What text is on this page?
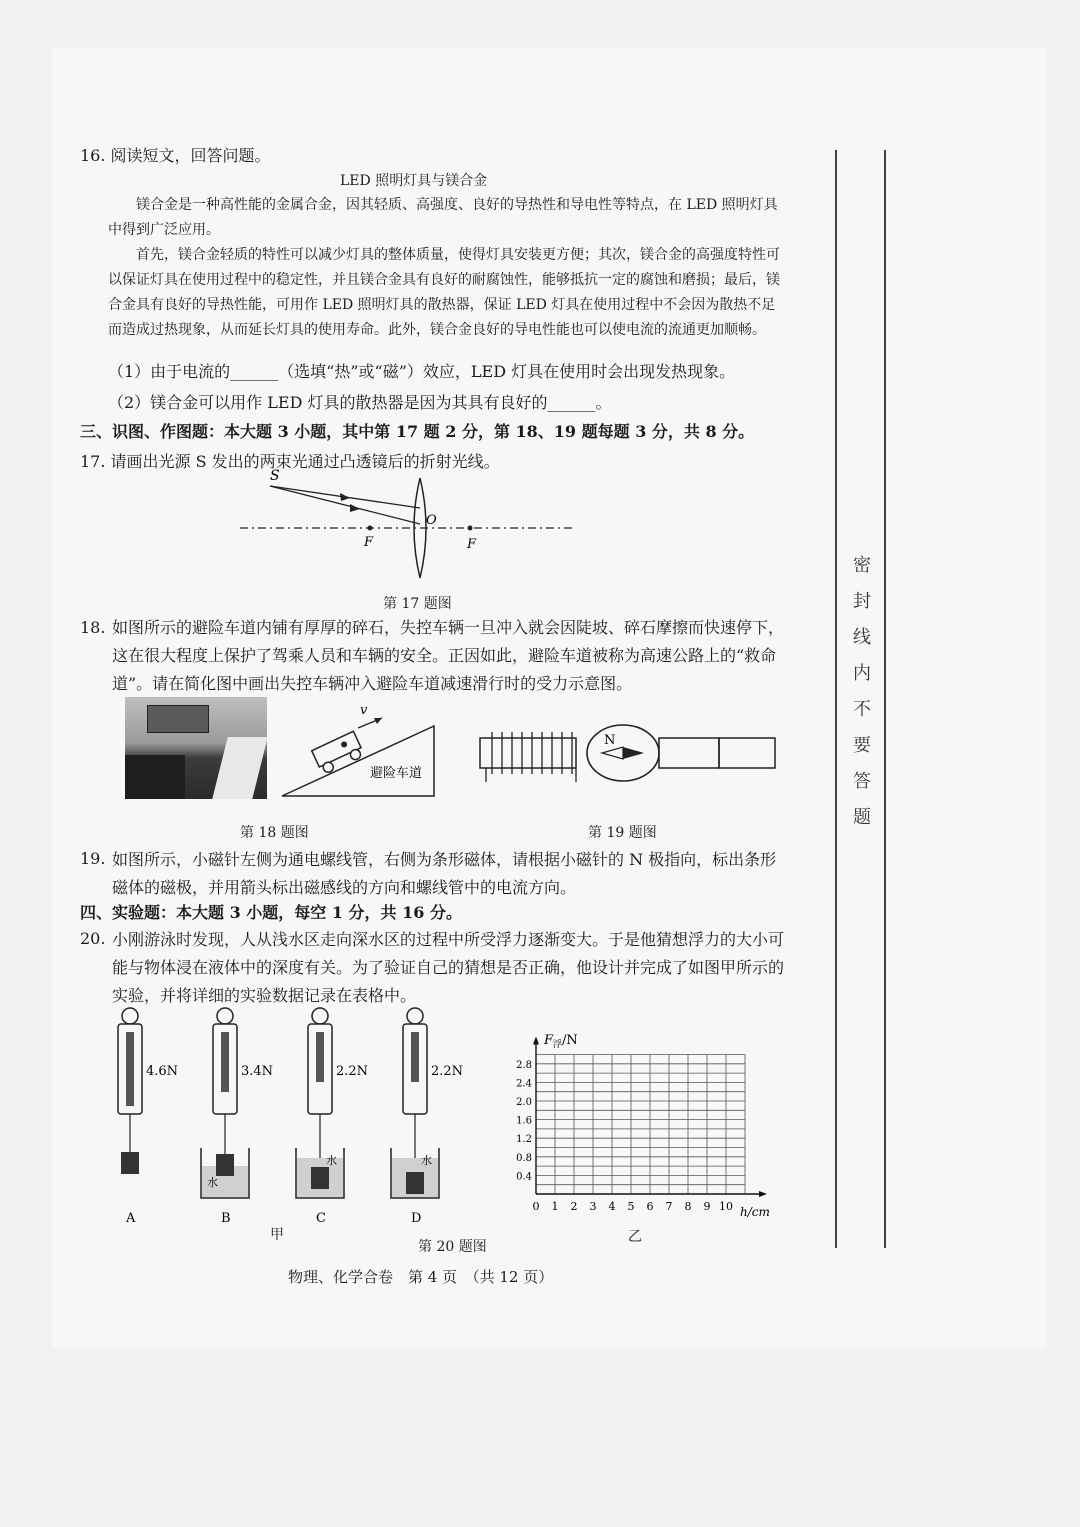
16. 阅读短文，回答问题。
LED 照明灯具与镁合金
镁合金是一种高性能的金属合金，因其轻质、高强度、良好的导热性和导电性等特点，在 LED 照明灯具中得到广泛应用。
首先，镁合金轻质的特性可以减少灯具的整体质量，使得灯具安装更方便；其次，镁合金的高强度特性可以保证灯具在使用过程中的稳定性，并且镁合金具有良好的耐腐蚀性，能够抵抗一定的腐蚀和磨损；最后，镁合金具有良好的导热性能，可用作 LED 照明灯具的散热器，保证 LED 灯具在使用过程中不会因为散热不足而造成过热现象，从而延长灯具的使用寿命。此外，镁合金良好的导电性能也可以使电流的流通更加顺畅。
（1）由于电流的______（选填“热”或“磁”）效应，LED 灯具在使用时会出现发热现象。
（2）镁合金可以用作 LED 灯具的散热器是因为其具有良好的______。
三、识图、作图题：本大题 3 小题，其中第 17 题 2 分，第 18、19 题每题 3 分，共 8 分。
17. 请画出光源 S 发出的两束光通过凸透镜后的折射光线。
S
O
F	F
第 17 题图
18. 如图所示的避险车道内铺有厚厚的碎石，失控车辆一旦冲入就会因陡坡、碎石摩擦而快速停下，这在很大程度上保护了驾乘人员和车辆的安全。正因如此，避险车道被称为高速公路上的“救命道”。请在简化图中画出失控车辆冲入避险车道减速滑行时的受力示意图。
v
避险车道
第 18 题图
N
第 19 题图
19. 如图所示，小磁针左侧为通电螺线管，右侧为条形磁体，请根据小磁针的 N 极指向，标出条形磁体的磁极，并用箭头标出磁感线的方向和螺线管中的电流方向。
四、实验题：本大题 3 小题，每空 1 分，共 16 分。
20. 小刚游泳时发现，人从浅水区走向深水区的过程中所受浮力逐渐变大。于是他猜想浮力的大小可能与物体浸在液体中的深度有关。为了验证自己的猜想是否正确，他设计并完成了如图甲所示的实验，并将详细的实验数据记录在表格中。
4.6N
A
3.4N
水
B
2.2N
水
C
2.2N
水
D
甲
F 浮 /N
h/cm
0.4
0.8
1.2
1.6
2.0
2.4
2.8
0 1 2 3 4 5 6 7 8 9 10
乙
第 20 题图
物理、化学合卷　第 4 页　（共 12 页）
密
封
线
内
不
要
答
题
